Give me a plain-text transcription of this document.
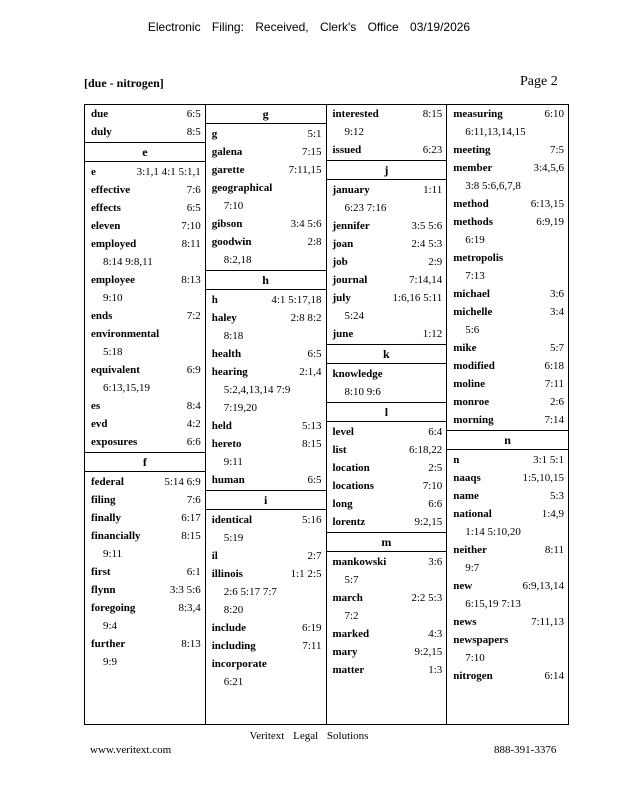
Electronic Filing: Received, Clerk's Office 03/19/2026
[due - nitrogen]	Page 2
due	6:5
duly	8:5
e
e	3:1,1 4:1 5:1,1
effective	7:6
effects	6:5
eleven	7:10
employed	8:11
8:14 9:8,11
employee	8:13
9:10
ends	7:2
environmental
5:18
equivalent	6:9
6:13,15,19
es	8:4
evd	4:2
exposures	6:6
f
federal	5:14 6:9
filing	7:6
finally	6:17
financially	8:15
9:11
first	6:1
flynn	3:3 5:6
foregoing	8:3,4
9:4
further	8:13
9:9
g
g	5:1
galena	7:15
garette	7:11,15
geographical
7:10
gibson	3:4 5:6
goodwin	2:8
8:2,18
h
h	4:1 5:17,18
haley	2:8 8:2
8:18
health	6:5
hearing	2:1,4
5:2,4,13,14 7:9
7:19,20
held	5:13
hereto	8:15
9:11
human	6:5
i
identical	5:16
5:19
il	2:7
illinois	1:1 2:5
2:6 5:17 7:7
8:20
include	6:19
including	7:11
incorporate
6:21
interested	8:15
9:12
issued	6:23
j
january	1:11
6:23 7:16
jennifer	3:5 5:6
joan	2:4 5:3
job	2:9
journal	7:14,14
july	1:6,16 5:11
5:24
june	1:12
k
knowledge
8:10 9:6
l
level	6:4
list	6:18,22
location	2:5
locations	7:10
long	6:6
lorentz	9:2,15
m
mankowski	3:6
5:7
march	2:2 5:3
7:2
marked	4:3
mary	9:2,15
matter	1:3
measuring	6:10
6:11,13,14,15
meeting	7:5
member	3:4,5,6
3:8 5:6,6,7,8
method	6:13,15
methods	6:9,19
6:19
metropolis
7:13
michael	3:6
michelle	3:4
5:6
mike	5:7
modified	6:18
moline	7:11
monroe	2:6
morning	7:14
n
n	3:1 5:1
naaqs	1:5,10,15
name	5:3
national	1:4,9
1:14 5:10,20
neither	8:11
9:7
new	6:9,13,14
6:15,19 7:13
news	7:11,13
newspapers
7:10
nitrogen	6:14
Veritext Legal Solutions
www.veritext.com	888-391-3376
